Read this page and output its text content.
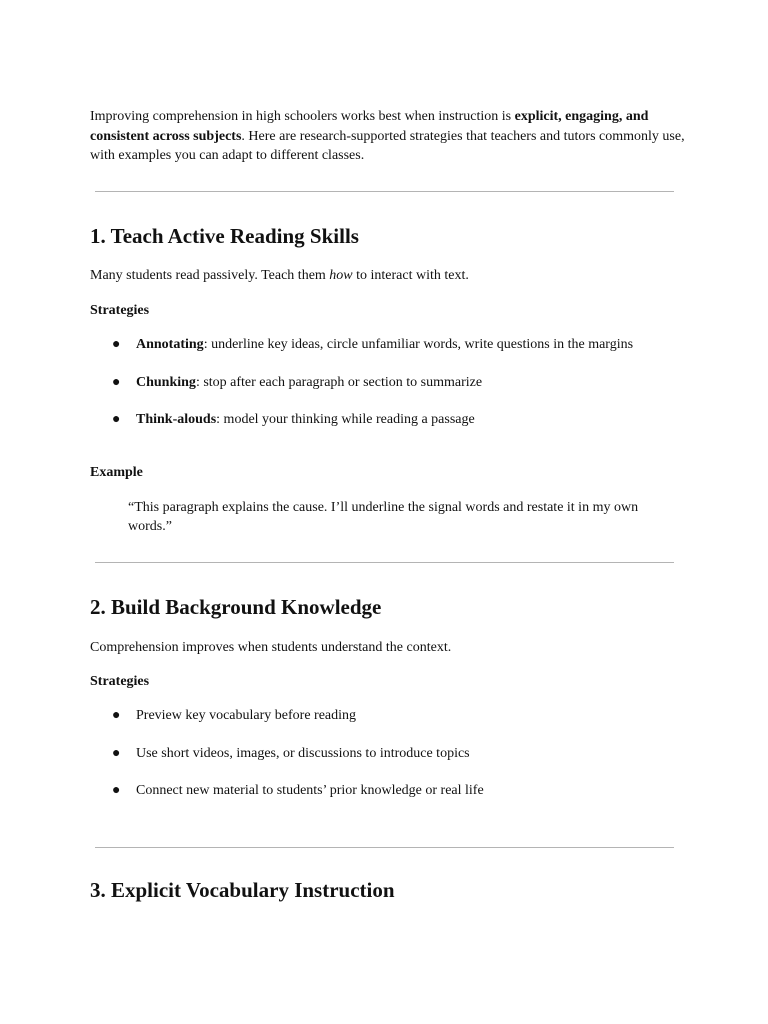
Improving comprehension in high schoolers works best when instruction is explicit, engaging, and consistent across subjects. Here are research-supported strategies that teachers and tutors commonly use, with examples you can adapt to different classes.

1. Teach Active Reading Skills

Many students read passively. Teach them how to interact with text.

Strategies

● Annotating: underline key ideas, circle unfamiliar words, write questions in the margins
● Chunking: stop after each paragraph or section to summarize
● Think-alouds: model your thinking while reading a passage

Example

“This paragraph explains the cause. I’ll underline the signal words and restate it in my own words.”

2. Build Background Knowledge

Comprehension improves when students understand the context.

Strategies

● Preview key vocabulary before reading
● Use short videos, images, or discussions to introduce topics
● Connect new material to students’ prior knowledge or real life
3. Explicit Vocabulary Instruction
